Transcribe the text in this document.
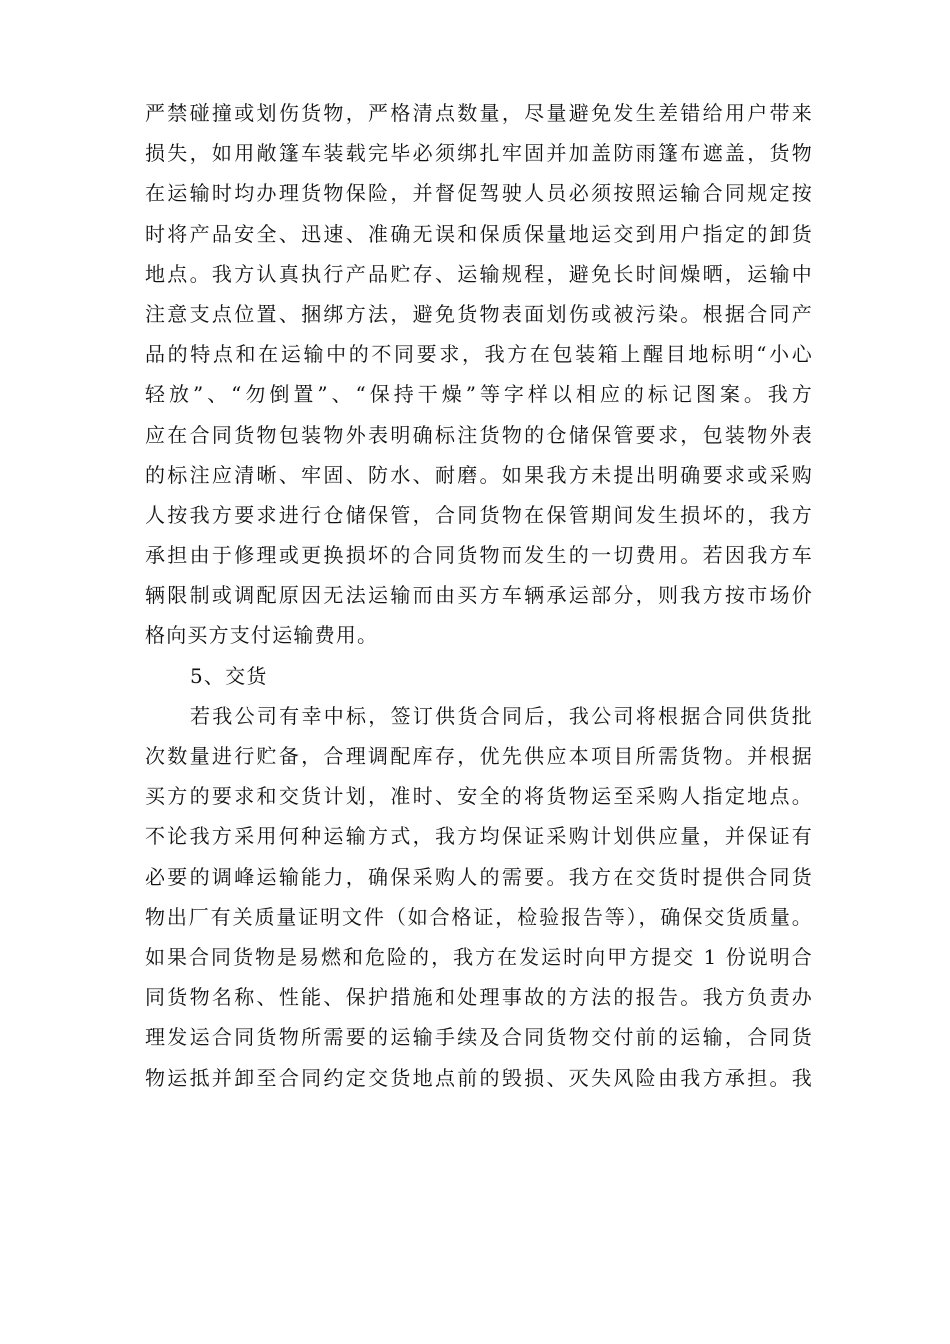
严禁碰撞或划伤货物，严格清点数量，尽量避免发生差错给用户带来
损失，如用敞篷车装载完毕必须绑扎牢固并加盖防雨篷布遮盖，货物
在运输时均办理货物保险，并督促驾驶人员必须按照运输合同规定按
时将产品安全、迅速、准确无误和保质保量地运交到用户指定的卸货
地点。我方认真执行产品贮存、运输规程，避免长时间燥晒，运输中
注意支点位置、捆绑方法，避免货物表面划伤或被污染。根据合同产
品的特点和在运输中的不同要求，我方在包装箱上醒目地标明“小心
轻放”、“勿倒置”、“保持干燥”等字样以相应的标记图案。我方
应在合同货物包装物外表明确标注货物的仓储保管要求，包装物外表
的标注应清晰、牢固、防水、耐磨。如果我方未提出明确要求或采购
人按我方要求进行仓储保管，合同货物在保管期间发生损坏的，我方
承担由于修理或更换损坏的合同货物而发生的一切费用。若因我方车
辆限制或调配原因无法运输而由买方车辆承运部分，则我方按市场价
格向买方支付运输费用。
5、交货
若我公司有幸中标，签订供货合同后，我公司将根据合同供货批
次数量进行贮备，合理调配库存，优先供应本项目所需货物。并根据
买方的要求和交货计划，准时、安全的将货物运至采购人指定地点。
不论我方采用何种运输方式，我方均保证采购计划供应量，并保证有
必要的调峰运输能力，确保采购人的需要。我方在交货时提供合同货
物出厂有关质量证明文件（如合格证，检验报告等），确保交货质量。
如果合同货物是易燃和危险的，我方在发运时向甲方提交 1 份说明合
同货物名称、性能、保护措施和处理事故的方法的报告。我方负责办
理发运合同货物所需要的运输手续及合同货物交付前的运输，合同货
物运抵并卸至合同约定交货地点前的毁损、灭失风险由我方承担。我
